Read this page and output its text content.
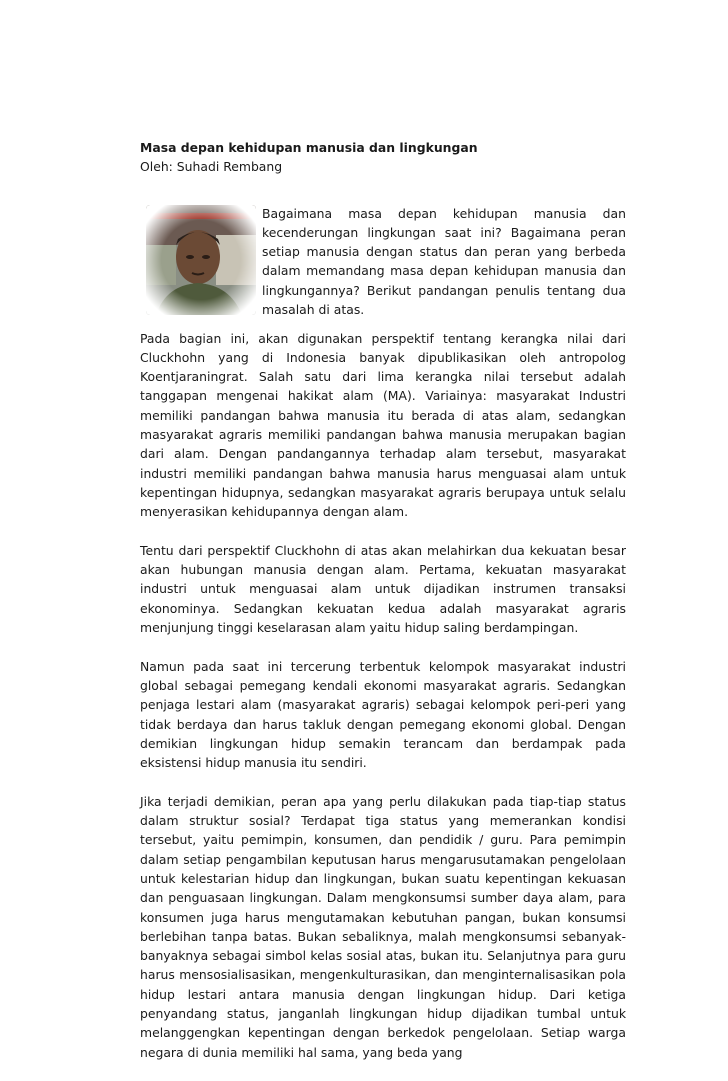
Masa depan kehidupan manusia dan lingkungan

Oleh: Suhadi Rembang

Bagaimana masa depan kehidupan manusia dan kecenderungan lingkungan saat ini? Bagaimana peran setiap manusia dengan status dan peran yang berbeda dalam memandang masa depan kehidupan manusia dan lingkungannya? Berikut pandangan penulis tentang dua masalah di atas.

Pada bagian ini, akan digunakan perspektif tentang kerangka nilai dari Cluckhohn yang di Indonesia banyak dipublikasikan oleh antropolog Koentjaraningrat. Salah satu dari lima kerangka nilai tersebut adalah tanggapan mengenai hakikat alam (MA). Variainya: masyarakat Industri memiliki pandangan bahwa manusia itu berada di atas alam, sedangkan masyarakat agraris memiliki pandangan bahwa manusia merupakan bagian dari alam. Dengan pandangannya terhadap alam tersebut, masyarakat industri memiliki pandangan bahwa manusia harus menguasai alam untuk kepentingan hidupnya, sedangkan masyarakat agraris berupaya untuk selalu menyerasikan kehidupannya dengan alam.

Tentu dari perspektif Cluckhohn di atas akan melahirkan dua kekuatan besar akan hubungan manusia dengan alam. Pertama, kekuatan masyarakat industri untuk menguasai alam untuk dijadikan instrumen transaksi ekonominya. Sedangkan kekuatan kedua adalah masyarakat agraris menjunjung tinggi keselarasan alam yaitu hidup saling berdampingan.

Namun pada saat ini tercerung terbentuk kelompok masyarakat industri global sebagai pemegang kendali ekonomi masyarakat agraris. Sedangkan penjaga lestari alam (masyarakat agraris) sebagai kelompok peri-peri yang tidak berdaya dan harus takluk dengan pemegang ekonomi global. Dengan demikian lingkungan hidup semakin terancam dan berdampak pada eksistensi hidup manusia itu sendiri.

Jika terjadi demikian, peran apa yang perlu dilakukan pada tiap-tiap status dalam struktur sosial? Terdapat tiga status yang memerankan kondisi tersebut, yaitu pemimpin, konsumen, dan pendidik / guru. Para pemimpin dalam setiap pengambilan keputusan harus mengarusutamakan pengelolaan untuk kelestarian hidup dan lingkungan, bukan suatu kepentingan kekuasan dan penguasaan lingkungan. Dalam mengkonsumsi sumber daya alam, para konsumen juga harus mengutamakan kebutuhan pangan, bukan konsumsi berlebihan tanpa batas. Bukan sebaliknya, malah mengkonsumsi sebanyak-banyaknya sebagai simbol kelas sosial atas, bukan itu. Selanjutnya para guru harus mensosialisasikan, mengenkulturasikan, dan menginternalisasikan pola hidup lestari antara manusia dengan lingkungan hidup. Dari ketiga penyandang status, janganlah lingkungan hidup dijadikan tumbal untuk melanggengkan kepentingan dengan berkedok pengelolaan. Setiap warga negara di dunia memiliki hal sama, yang beda yang
